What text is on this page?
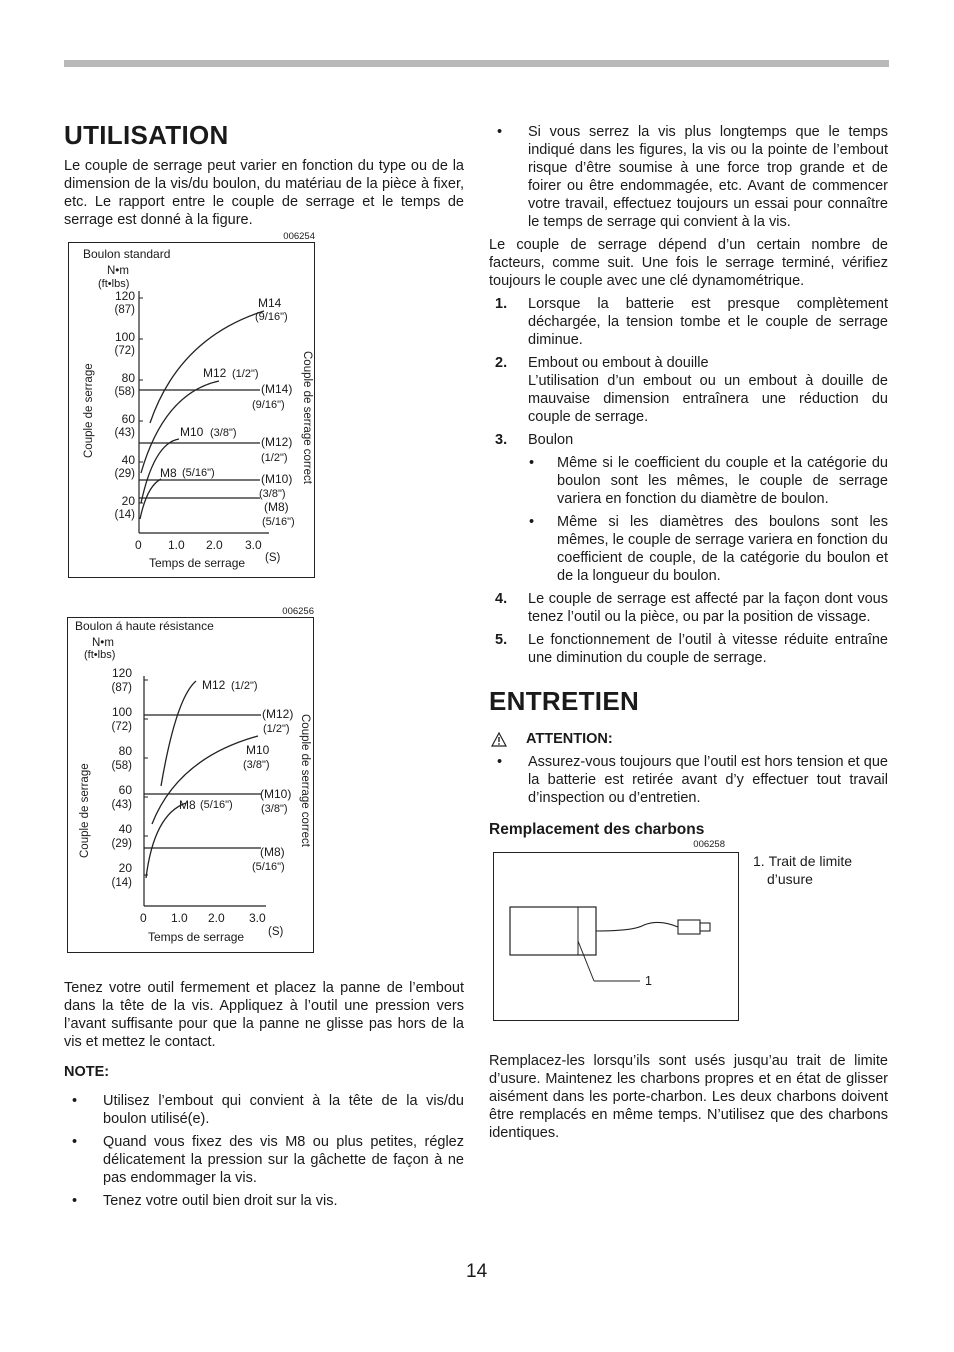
UTILISATION

Le couple de serrage peut varier en fonction du type ou de la dimension de la vis/du boulon, du matériau de la pièce à fixer, etc. Le rapport entre le couple de serrage et le temps de serrage est donné à la figure.

006254
Boulon standard
N•m
(ft•lbs)
120
(87)
100
(72)
80
(58)
60
(43)
40
(29)
20
(14)
0 1.0 2.0 3.0
(S)
Temps de serrage
Couple de serrage	Couple de serrage correct
M14
(9/16")
M12 (1/2")
M10 (3/8")
M8 (5/16")
(M14)
(9/16")
(M12)
(1/2")
(M10)
(3/8")
(M8)
(5/16")
006256
Boulon á haute résistance
N•m
(ft•lbs)
120
(87)
100
(72)
80
(58)
60
(43)
40
(29)
20
(14)
0 1.0 2.0 3.0
(S)
Temps de serrage
Couple de serrage	Couple de serrage correct
M12 (1/2")
M10
(3/8")
M8 (5/16")
(M12)
(1/2")
(M10)
(3/8")
(M8)
(5/16")

Tenez votre outil fermement et placez la panne de l’embout dans la tête de la vis. Appliquez à l’outil une pression vers l’avant suffisante pour que la panne ne glisse pas hors de la vis et mettez le contact.

NOTE:
• Utilisez l’embout qui convient à la tête de la vis/du boulon utilisé(e).
• Quand vous fixez des vis M8 ou plus petites, réglez délicatement la pression sur la gâchette de façon à ne pas endommager la vis.
• Tenez votre outil bien droit sur la vis.
• Si vous serrez la vis plus longtemps que le temps indiqué dans les figures, la vis ou la pointe de l’embout risque d’être soumise à une force trop grande et de foirer ou être endommagée, etc. Avant de commencer votre travail, effectuez toujours un essai pour connaître le temps de serrage qui convient à la vis.

Le couple de serrage dépend d’un certain nombre de facteurs, comme suit. Une fois le serrage terminé, vérifiez toujours le couple avec une clé dynamométrique.

1. Lorsque la batterie est presque complètement déchargée, la tension tombe et le couple de serrage diminue.
2. Embout ou embout à douille
L’utilisation d’un embout ou un embout à douille de mauvaise dimension entraînera une réduction du couple de serrage.
3. Boulon
• Même si le coefficient du couple et la catégorie du boulon sont les mêmes, le couple de serrage variera en fonction du diamètre de boulon.
• Même si les diamètres des boulons sont les mêmes, le couple de serrage variera en fonction du coefficient de couple, de la catégorie du boulon et de la longueur du boulon.
4. Le couple de serrage est affecté par la façon dont vous tenez l’outil ou la pièce, ou par la position de vissage.
5. Le fonctionnement de l’outil à vitesse réduite entraîne une diminution du couple de serrage.
ENTRETIEN
ATTENTION:
• Assurez-vous toujours que l’outil est hors tension et que la batterie est retirée avant d’y effectuer tout travail d’inspection ou d’entretien.
Remplacement des charbons
006258
1
1. Trait de limite d’usure

Remplacez-les lorsqu’ils sont usés jusqu’au trait de limite d’usure. Maintenez les charbons propres et en état de glisser aisément dans les porte-charbon. Les deux charbons doivent être remplacés en même temps. N’utilisez que des charbons identiques.

14
